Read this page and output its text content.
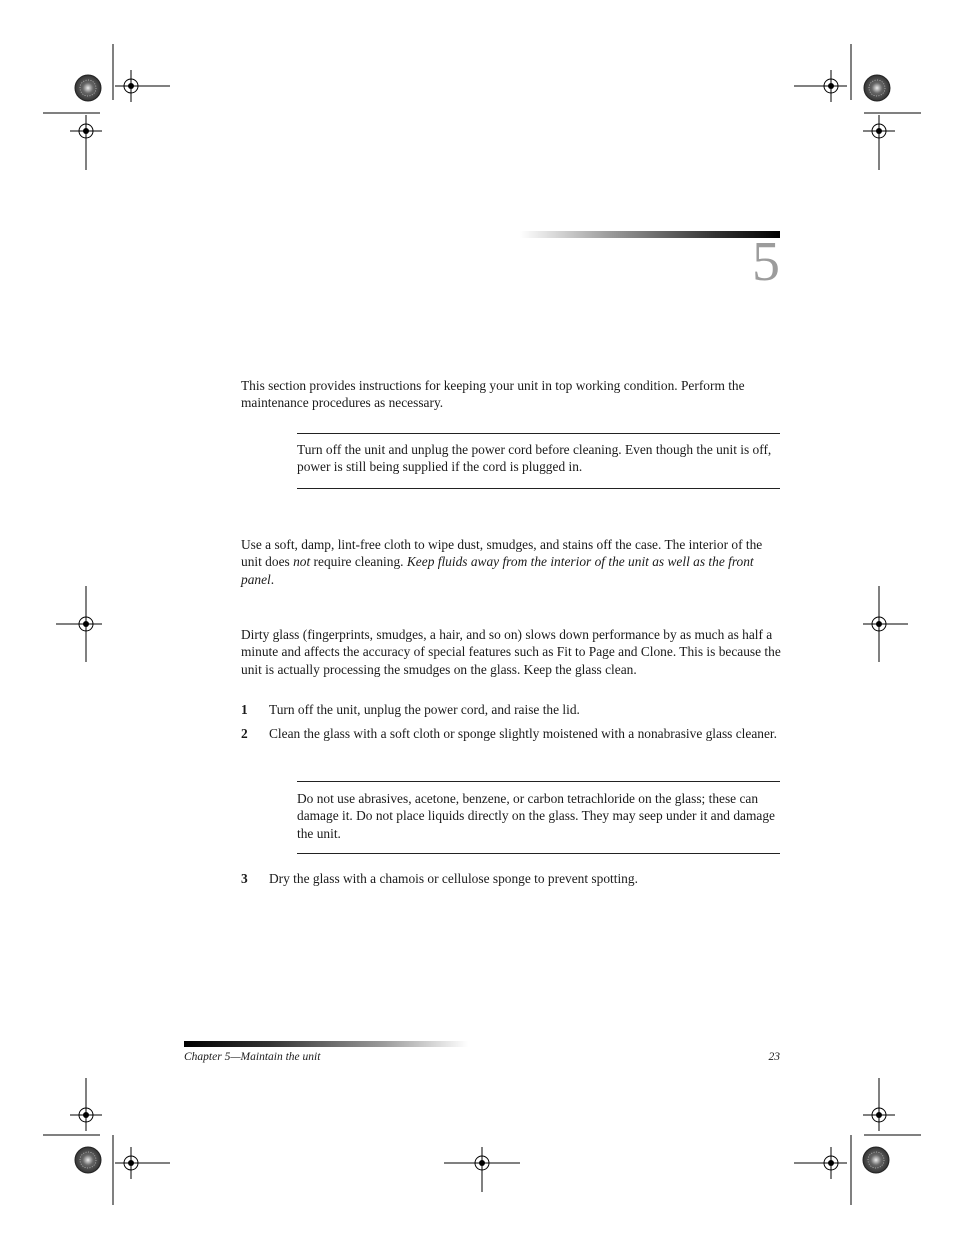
5
This section provides instructions for keeping your unit in top working condition. Perform the maintenance procedures as necessary.
Turn off the unit and unplug the power cord before cleaning. Even though the unit is off, power is still being supplied if the cord is plugged in.
Use a soft, damp, lint-free cloth to wipe dust, smudges, and stains off the case. The interior of the unit does not require cleaning. Keep fluids away from the interior of the unit as well as the front panel.
Dirty glass (fingerprints, smudges, a hair, and so on) slows down performance by as much as half a minute and affects the accuracy of special features such as Fit to Page and Clone. This is because the unit is actually processing the smudges on the glass. Keep the glass clean.
1 Turn off the unit, unplug the power cord, and raise the lid.
2 Clean the glass with a soft cloth or sponge slightly moistened with a nonabrasive glass cleaner.
Do not use abrasives, acetone, benzene, or carbon tetrachloride on the glass; these can damage it. Do not place liquids directly on the glass. They may seep under it and damage the unit.
3 Dry the glass with a chamois or cellulose sponge to prevent spotting.
Chapter 5—Maintain the unit	23
